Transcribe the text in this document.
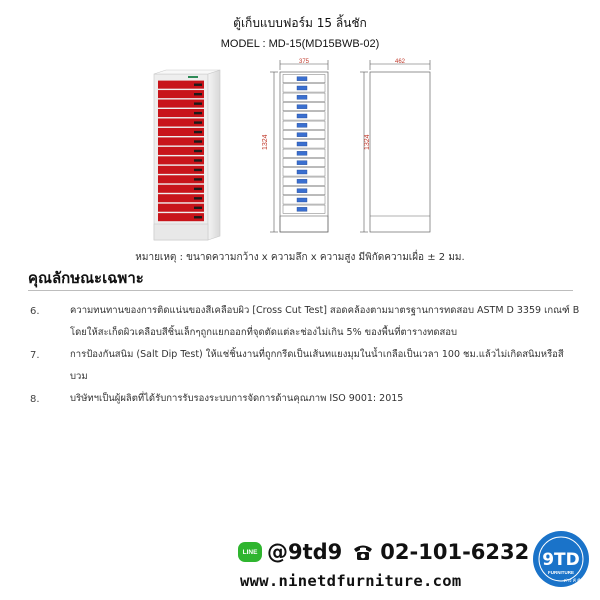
ตู้เก็บแบบฟอร์ม 15 ลิ้นชัก
MODEL : MD-15(MD15BWB-02)
375
1324
462
1324
หมายเหตุ : ขนาดความกว้าง x ความลึก x ความสูง มีพิกัดความเผื่อ ± 2 มม.
คุณลักษณะเฉพาะ
6.	ความทนทานของการติดแน่นของสีเคลือบผิว [Cross Cut Test] สอดคล้องตามมาตรฐานการทดสอบ ASTM D 3359 เกณฑ์ B
โดยให้สะเก็ดผิวเคลือบสีชิ้นเล็กๆถูกแยกออกที่จุดตัดแต่ละช่องไม่เกิน 5% ของพื้นที่ตารางทดสอบ
7.	การป้องกันสนิม (Salt Dip Test) ให้แช่ชิ้นงานที่ถูกกรีดเป็นเส้นทแยงมุมในน้ำเกลือเป็นเวลา 100 ชม.แล้วไม่เกิดสนิมหรือสี
บวม
8.	บริษัทฯเป็นผู้ผลิตที่ได้รับการรับรองระบบการจัดการด้านคุณภาพ ISO 9001: 2015
LINE @9td9 02-101-6232
www.ninetdfurniture.com
9TD
FURNITURE
ต่าง ค์ ดี
